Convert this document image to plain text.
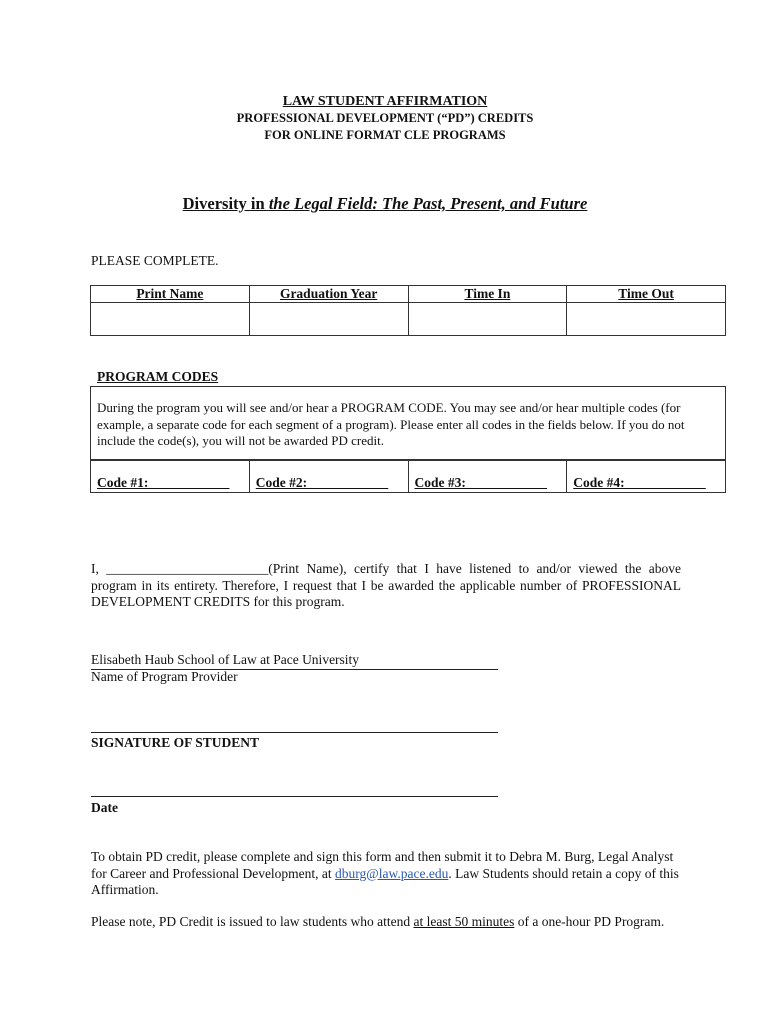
LAW STUDENT AFFIRMATION
PROFESSIONAL DEVELOPMENT (“PD”) CREDITS
FOR ONLINE FORMAT CLE PROGRAMS
Diversity in the Legal Field: The Past, Present, and Future
PLEASE COMPLETE.
Print Name	Graduation Year	Time In	Time Out

PROGRAM CODES
During the program you will see and/or hear a PROGRAM CODE. You may see and/or hear multiple codes (for example, a separate code for each segment of a program). Please enter all codes in the fields below. If you do not include the code(s), you will not be awarded PD credit.
Code #1:____________	Code #2:____________	Code #3:____________	Code #4:____________
I, ________________________(Print Name), certify that I have listened to and/or viewed the above program in its entirety. Therefore, I request that I be awarded the applicable number of PROFESSIONAL DEVELOPMENT CREDITS for this program.
Elisabeth Haub School of Law at Pace University
Name of Program Provider
SIGNATURE OF STUDENT
Date
To obtain PD credit, please complete and sign this form and then submit it to Debra M. Burg, Legal Analyst for Career and Professional Development, at dburg@law.pace.edu. Law Students should retain a copy of this Affirmation.
Please note, PD Credit is issued to law students who attend at least 50 minutes of a one-hour PD Program.
